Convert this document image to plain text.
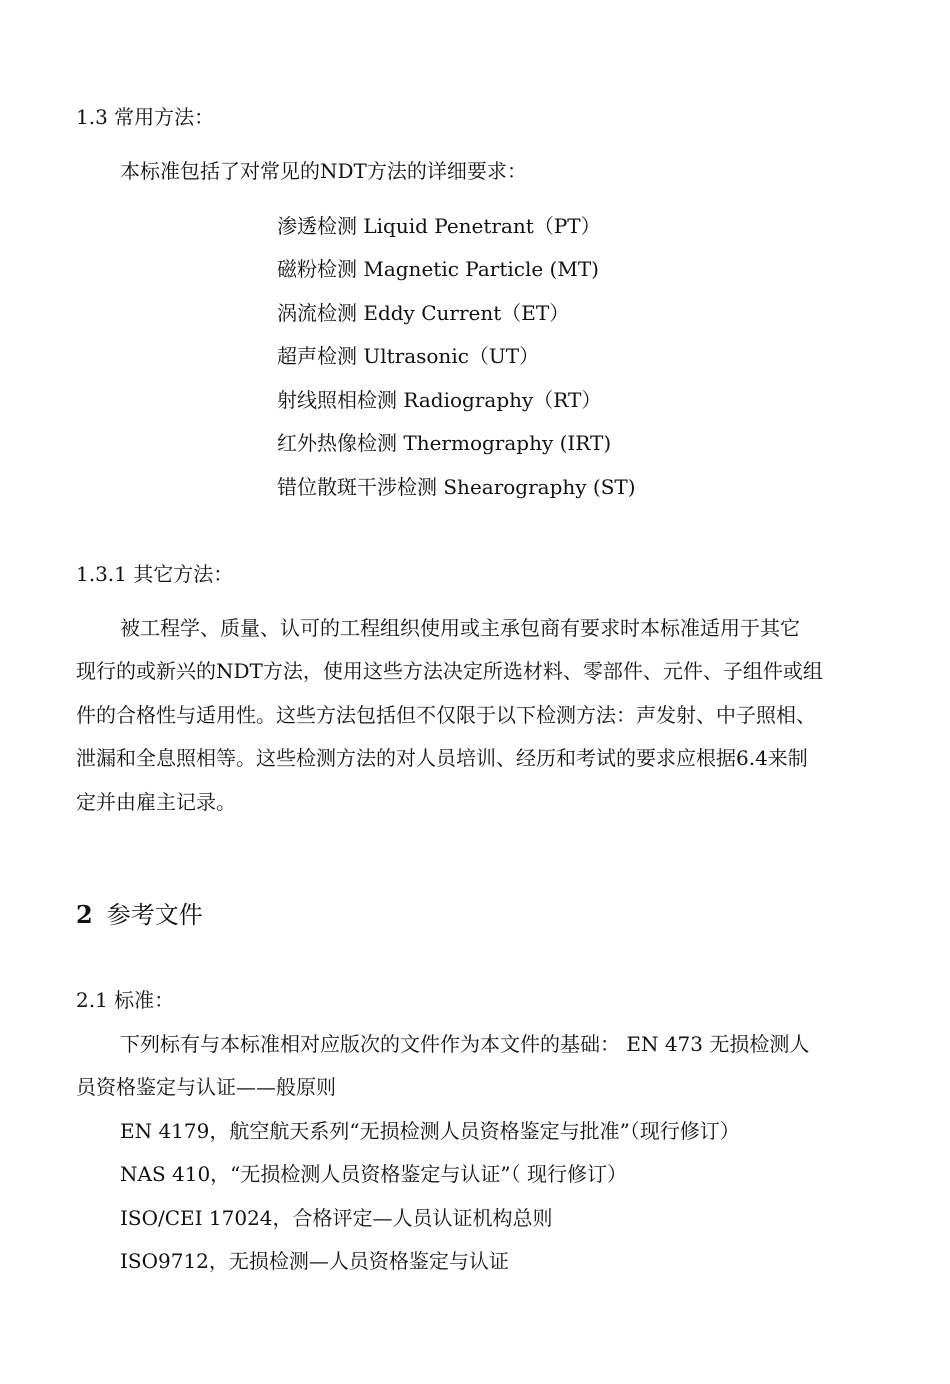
1.3 常用方法：
本标准包括了对常见的NDT方法的详细要求：
渗透检测 Liquid Penetrant（PT）
磁粉检测 Magnetic Particle (MT)
涡流检测 Eddy Current（ET）
超声检测 Ultrasonic（UT）
射线照相检测 Radiography（RT）
红外热像检测 Thermography (IRT)
错位散斑干涉检测 Shearography (ST)
1.3.1 其它方法：
被工程学、质量、认可的工程组织使用或主承包商有要求时本标准适用于其它
现行的或新兴的NDT方法，使用这些方法决定所选材料、零部件、元件、子组件或组
件的合格性与适用性。这些方法包括但不仅限于以下检测方法：声发射、中子照相、
泄漏和全息照相等。这些检测方法的对人员培训、经历和考试的要求应根据6.4来制
定并由雇主记录。
2 参考文件
2.1 标准：
下列标有与本标准相对应版次的文件作为本文件的基础： EN 473 无损检测人
员资格鉴定与认证——般原则
EN 4179，航空航天系列“无损检测人员资格鉴定与批准”（现行修订）
NAS 410，“无损检测人员资格鉴定与认证”（ 现行修订）
ISO/CEI 17024，合格评定—人员认证机构总则
ISO9712，无损检测—人员资格鉴定与认证
